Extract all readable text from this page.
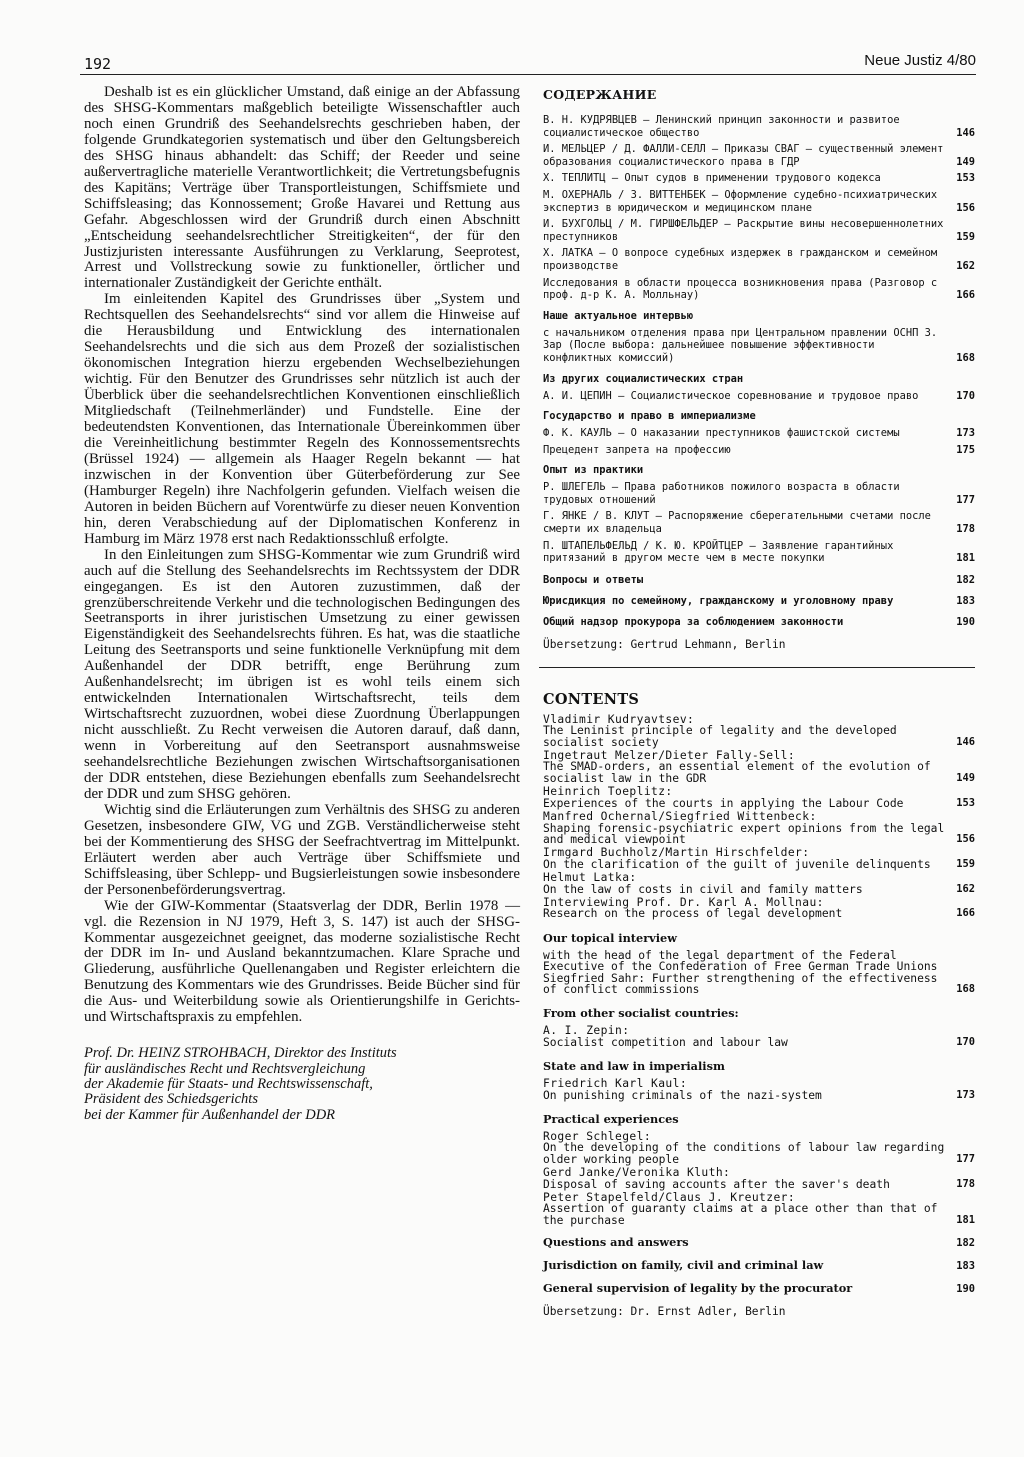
192	Neue Justiz 4/80

Deshalb ist es ein glücklicher Umstand, daß einige an der Abfassung des SHSG-Kommentars maßgeblich beteiligte Wissenschaftler auch noch einen Grundriß des Seehandelsrechts geschrieben haben, der folgende Grundkategorien systematisch und über den Geltungsbereich des SHSG hinaus abhandelt: das Schiff; der Reeder und seine außervertragliche materielle Verantwortlichkeit; die Vertretungsbefugnis des Kapitäns; Verträge über Transportleistungen, Schiffsmiete und Schiffsleasing; das Konnossement; Große Havarei und Rettung aus Gefahr. Abgeschlossen wird der Grundriß durch einen Abschnitt „Entscheidung seehandelsrechtlicher Streitigkeiten“, der für den Justizjuristen interessante Ausführungen zu Verklarung, Seeprotest, Arrest und Vollstreckung sowie zu funktioneller, örtlicher und internationaler Zuständigkeit der Gerichte enthält.

Im einleitenden Kapitel des Grundrisses über „System und Rechtsquellen des Seehandelsrechts“ sind vor allem die Hinweise auf die Herausbildung und Entwicklung des internationalen Seehandelsrechts und die sich aus dem Prozeß der sozialistischen ökonomischen Integration hierzu ergebenden Wechselbeziehungen wichtig. Für den Benutzer des Grundrisses sehr nützlich ist auch der Überblick über die seehandelsrechtlichen Konventionen einschließlich Mitgliedschaft (Teilnehmerländer) und Fundstelle. Eine der bedeutendsten Konventionen, das Internationale Übereinkommen über die Vereinheitlichung bestimmter Regeln des Konnossementsrechts (Brüssel 1924) — allgemein als Haager Regeln bekannt — hat inzwischen in der Konvention über Güterbeförderung zur See (Hamburger Regeln) ihre Nachfolgerin gefunden. Vielfach weisen die Autoren in beiden Büchern auf Vorentwürfe zu dieser neuen Konvention hin, deren Verabschiedung auf der Diplomatischen Konferenz in Hamburg im März 1978 erst nach Redaktionsschluß erfolgte.

In den Einleitungen zum SHSG-Kommentar wie zum Grundriß wird auch auf die Stellung des Seehandelsrechts im Rechtssystem der DDR eingegangen. Es ist den Autoren zuzustimmen, daß der grenzüberschreitende Verkehr und die technologischen Bedingungen des Seetransports in ihrer juristischen Umsetzung zu einer gewissen Eigenständigkeit des Seehandelsrechts führen. Es hat, was die staatliche Leitung des Seetransports und seine funktionelle Verknüpfung mit dem Außenhandel der DDR betrifft, enge Berührung zum Außenhandelsrecht; im übrigen ist es wohl teils einem sich entwickelnden Internationalen Wirtschaftsrecht, teils dem Wirtschaftsrecht zuzuordnen, wobei diese Zuordnung Überlappungen nicht ausschließt. Zu Recht verweisen die Autoren darauf, daß dann, wenn in Vorbereitung auf den Seetransport ausnahmsweise seehandelsrechtliche Beziehungen zwischen Wirtschaftsorganisationen der DDR entstehen, diese Beziehungen ebenfalls zum Seehandelsrecht der DDR und zum SHSG gehören.

Wichtig sind die Erläuterungen zum Verhältnis des SHSG zu anderen Gesetzen, insbesondere GIW, VG und ZGB. Verständlicherweise steht bei der Kommentierung des SHSG der Seefrachtvertrag im Mittelpunkt. Erläutert werden aber auch Verträge über Schiffsmiete und Schiffsleasing, über Schlepp- und Bugsierleistungen sowie insbesondere der Personenbeförderungsvertrag.

Wie der GIW-Kommentar (Staatsverlag der DDR, Berlin 1978 — vgl. die Rezension in NJ 1979, Heft 3, S. 147) ist auch der SHSG-Kommentar ausgezeichnet geeignet, das moderne sozialistische Recht der DDR im In- und Ausland bekanntzumachen. Klare Sprache und Gliederung, ausführliche Quellenangaben und Register erleichtern die Benutzung des Kommentars wie des Grundrisses. Beide Bücher sind für die Aus- und Weiterbildung sowie als Orientierungshilfe in Gerichts- und Wirtschaftspraxis zu empfehlen.

Prof. Dr. HEINZ STROHBACH, Direktor des Instituts
für ausländisches Recht und Rechtsvergleichung
der Akademie für Staats- und Rechtswissenschaft,
Präsident des Schiedsgerichts
bei der Kammer für Außenhandel der DDR
СОДЕРЖАНИЕ
В. Н. КУДРЯВЦЕВ — Ленинский принцип законности и развитое социалистическое общество	146
И. МЕЛЬЦЕР / Д. ФАЛЛИ-СЕЛЛ — Приказы СВАГ — существенный элемент образования социалистического права в ГДР	149
Х. ТЕПЛИТЦ — Опыт судов в применении трудового кодекса	153
М. ОХЕРНАЛЬ / З. ВИТТЕНБЕК — Оформление судебно-психиатрических экспертиз в юридическом и медицинском плане	156
И. БУХГОЛЬЦ / М. ГИРШФЕЛЬДЕР — Раскрытие вины несовершеннолетних преступников	159
Х. ЛАТКА — О вопросе судебных издержек в гражданском и семейном производстве	162
Исследования в области процесса возникновения права (Разговор с проф. д-р К. А. Молльнау)	166
Наше актуальное интервью
с начальником отделения права при Центральном правлении ОСНП З. Зар (После выбора: дальнейшее повышение эффективности конфликтных комиссий)	168
Из других социалистических стран
А. И. ЦЕПИН — Социалистическое соревнование и трудовое право	170
Государство и право в империализме
Ф. К. КАУЛЬ — О наказании преступников фашистской системы	173
Прецедент запрета на профессию	175
Опыт из практики
Р. ШЛЕГЕЛЬ — Права работников пожилого возраста в области трудовых отношений	177
Г. ЯНКЕ / В. КЛУТ — Распоряжение сберегательными счетами после смерти их владельца	178
П. ШТАПЕЛЬФЕЛЬД / К. Ю. КРОЙТЦЕР — Заявление гарантийных притязаний в другом месте чем в месте покупки	181
Вопросы и ответы	182
Юрисдикция по семейному, гражданскому и уголовному праву	183
Общий надзор прокурора за соблюдением законности	190
Übersetzung: Gertrud Lehmann, Berlin
CONTENTS
Vladimir Kudryavtsev:
The Leninist principle of legality and the developed socialist society	146
Ingetraut Melzer/Dieter Fally-Sell:
The SMAD-orders, an essential element of the evolution of socialist law in the GDR	149
Heinrich Toeplitz:
Experiences of the courts in applying the Labour Code	153
Manfred Ochernal/Siegfried Wittenbeck:
Shaping forensic-psychiatric expert opinions from the legal and medical viewpoint	156
Irmgard Buchholz/Martin Hirschfelder:
On the clarification of the guilt of juvenile delinquents	159
Helmut Latka:
On the law of costs in civil and family matters	162
Interviewing Prof. Dr. Karl A. Mollnau:
Research on the process of legal development	166
Our topical interview
with the head of the legal department of the Federal Executive of the Confederation of Free German Trade Unions Siegfried Sahr: Further strengthening of the effectiveness of conflict commissions	168
From other socialist countries:
A. I. Zepin:
Socialist competition and labour law	170
State and law in imperialism
Friedrich Karl Kaul:
On punishing criminals of the nazi-system	173
Practical experiences
Roger Schlegel:
On the developing of the conditions of labour law regarding older working people	177
Gerd Janke/Veronika Kluth:
Disposal of saving accounts after the saver's death	178
Peter Stapelfeld/Claus J. Kreutzer:
Assertion of guaranty claims at a place other than that of the purchase	181
Questions and answers	182
Jurisdiction on family, civil and criminal law	183
General supervision of legality by the procurator	190
Übersetzung: Dr. Ernst Adler, Berlin
